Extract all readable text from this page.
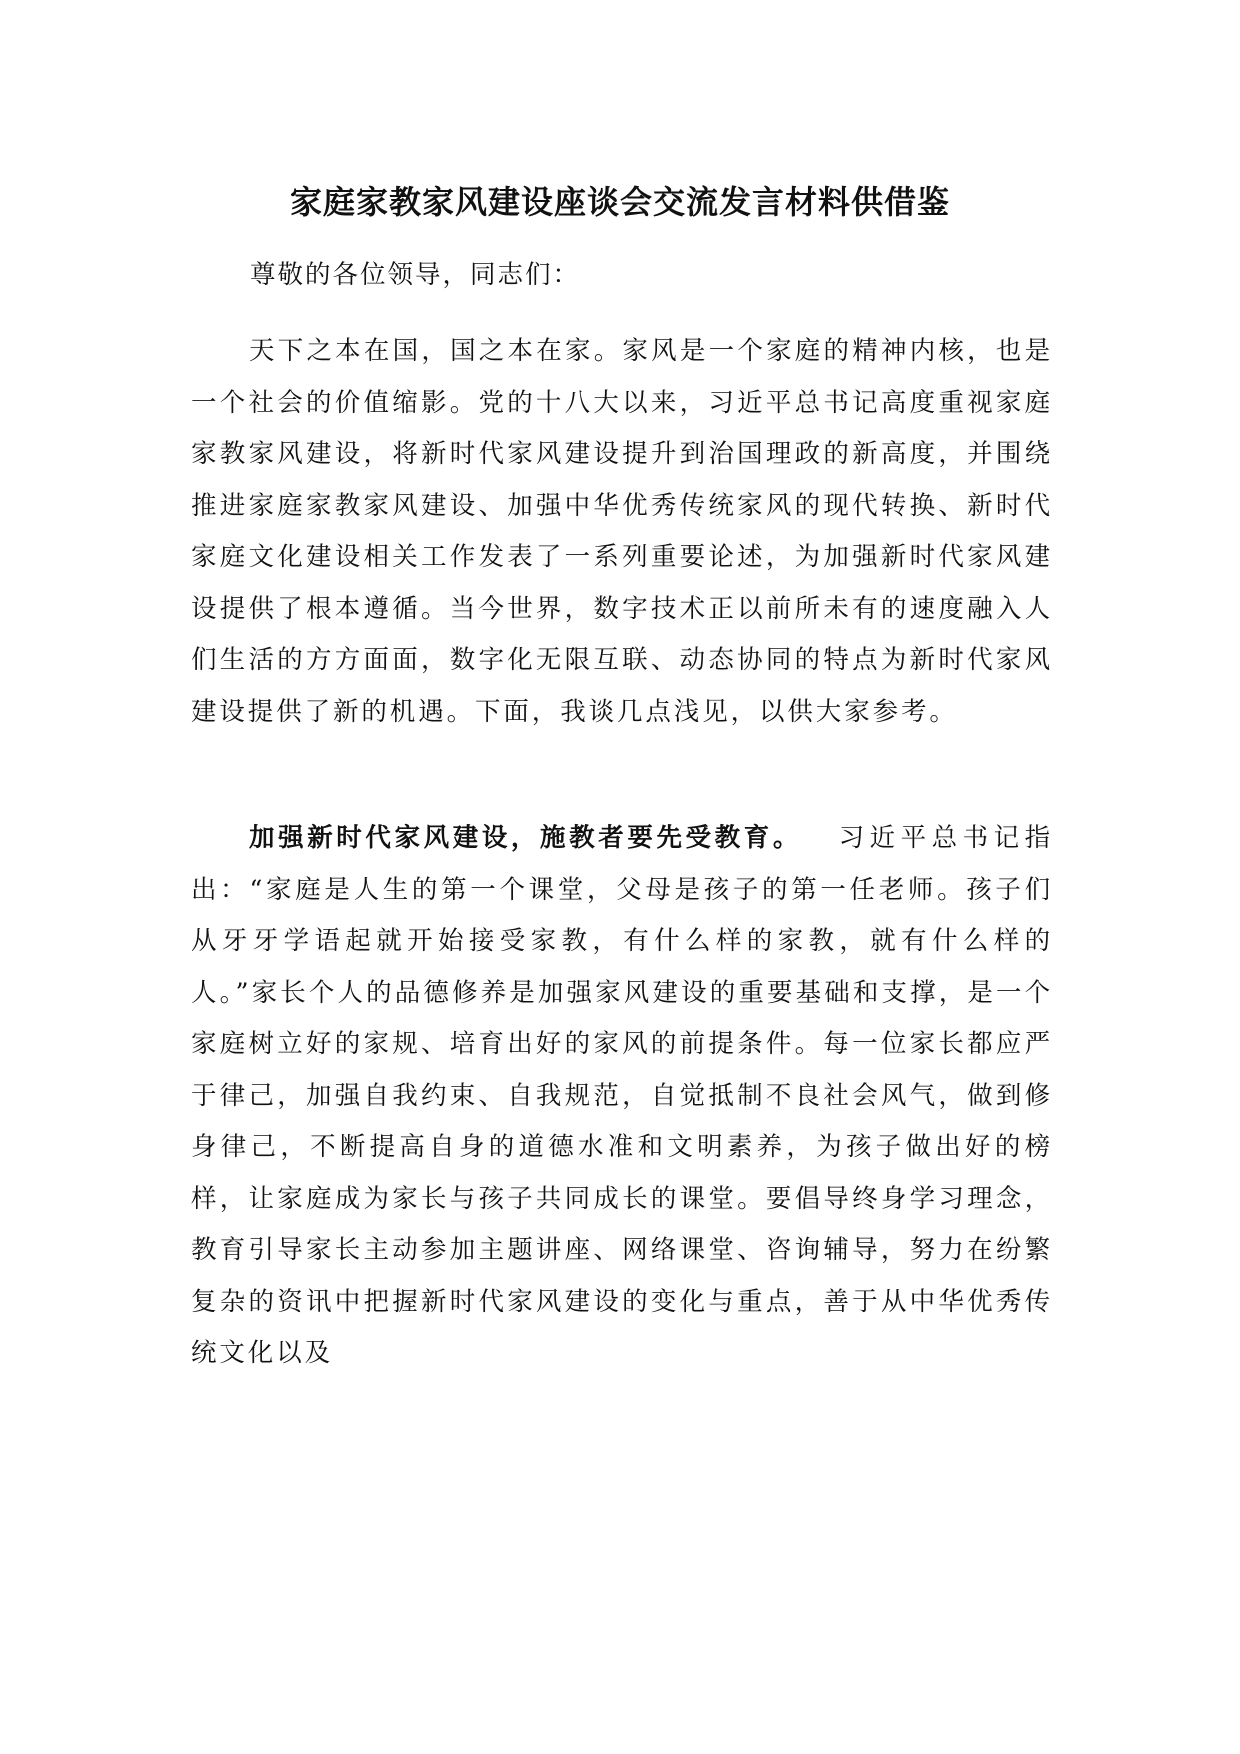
家庭家教家风建设座谈会交流发言材料供借鉴

尊敬的各位领导，同志们：

天下之本在国，国之本在家。家风是一个家庭的精神内核，也是一个社会的价值缩影。党的十八大以来，习近平总书记高度重视家庭家教家风建设，将新时代家风建设提升到治国理政的新高度，并围绕推进家庭家教家风建设、加强中华优秀传统家风的现代转换、新时代家庭文化建设相关工作发表了一系列重要论述，为加强新时代家风建设提供了根本遵循。当今世界，数字技术正以前所未有的速度融入人们生活的方方面面，数字化无限互联、动态协同的特点为新时代家风建设提供了新的机遇。下面，我谈几点浅见，以供大家参考。

加强新时代家风建设，施教者要先受教育。 习近平总书记指出：“家庭是人生的第一个课堂，父母是孩子的第一任老师。孩子们从牙牙学语起就开始接受家教，有什么样的家教，就有什么样的人。”家长个人的品德修养是加强家风建设的重要基础和支撑，是一个家庭树立好的家规、培育出好的家风的前提条件。每一位家长都应严于律己，加强自我约束、自我规范，自觉抵制不良社会风气，做到修身律己，不断提高自身的道德水准和文明素养，为孩子做出好的榜样，让家庭成为家长与孩子共同成长的课堂。要倡导终身学习理念，教育引导家长主动参加主题讲座、网络课堂、咨询辅导，努力在纷繁复杂的资讯中把握新时代家风建设的变化与重点，善于从中华优秀传统文化以及
